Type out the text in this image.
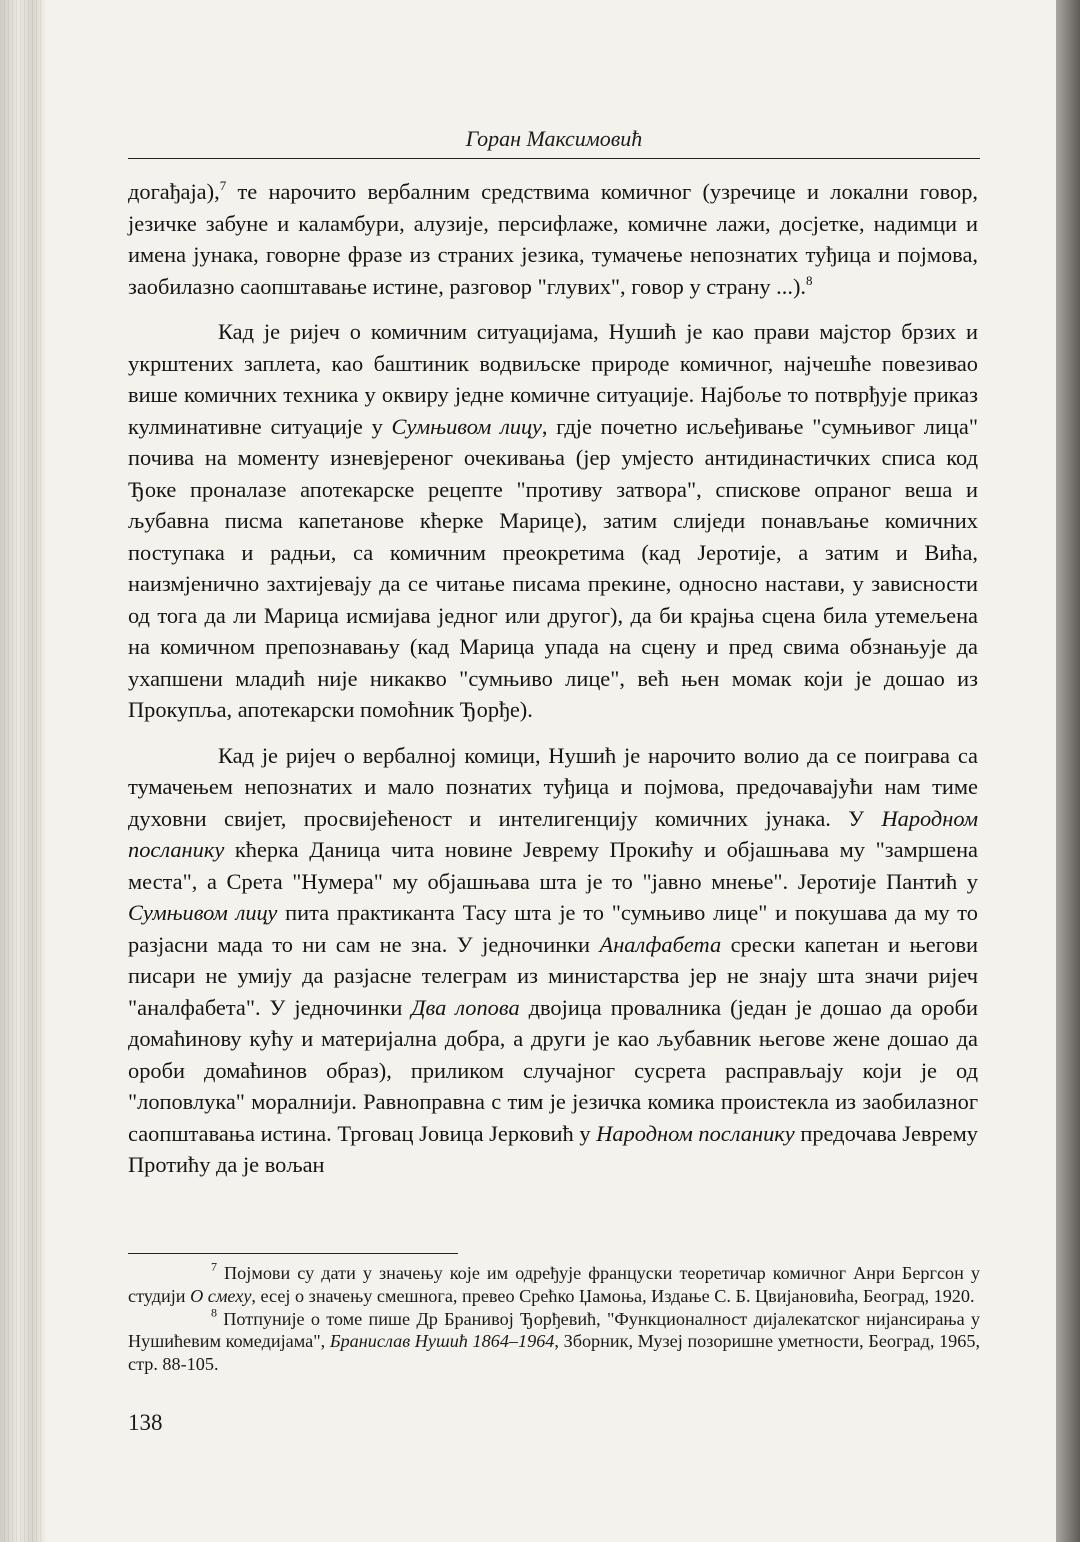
Горан Максимовић

догађаја),$^7$ те нарочито вербалним средствима комичног (узречице и локални говор, језичке забуне и каламбури, алузије, персифлаже, комичне лажи, досјетке, надимци и имена јунака, говорне фразе из страних језика, тумачење непознатих туђица и појмова, заобилазно саопштавање истине, разговор "глувих", говор у страну ...).$^8$

Кад је ријеч о комичним ситуацијама, Нушић је као прави мајстор брзих и укрштених заплета, као баштиник водвиљске природе комичног, најчешће повезивао више комичних техника у оквиру једне комичне ситуације. Најбоље то потврђује приказ кулминативне ситуације у Сумњивом лицу, гдје почетно исљеђивање "сумњивог лица" почива на моменту изневјереног очекивања (јер умјесто антидинастичких списа код Ђоке проналазе апотекарске рецепте "противу затвора", спискове опраног веша и љубавна писма капетанове кћерке Марице), затим слиједи понављање комичних поступака и радњи, са комичним преокретима (кад Јеротије, а затим и Вића, наизмјенично захтијевају да се читање писама прекине, односно настави, у зависности од тога да ли Марица исмијава једног или другог), да би крајња сцена била утемељена на комичном препознавању (кад Марица упада на сцену и пред свима обзнањује да ухапшени младић није никакво "сумњиво лице", већ њен момак који је дошао из Прокупља, апотекарски помоћник Ђорђе).

Кад је ријеч о вербалној комици, Нушић је нарочито волио да се поиграва са тумачењем непознатих и мало познатих туђица и појмова, предочавајући нам тиме духовни свијет, просвијећеност и интелигенцију комичних јунака. У Народном посланику кћерка Даница чита новине Јеврему Прокићу и објашњава му "замршена места", а Срета "Нумера" му објашњава шта је то "јавно мнење". Јеротије Пантић у Сумњивом лицу пита практиканта Тасу шта је то "сумњиво лице" и покушава да му то разјасни мада то ни сам не зна. У једночинки Аналфабета срески капетан и његови писари не умију да разјасне телеграм из министарства јер не знају шта значи ријеч "аналфабета". У једночинки Два лопова двојица провалника (један је дошао да ороби домаћинову кућу и материјална добра, а други је као љубавник његове жене дошао да ороби домаћинов образ), приликом случајног сусрета расправљају који је од "лоповлука" моралнији. Равноправна с тим је језичка комика проистекла из заобилазног саопштавања истина. Трговац Јовица Јерковић у Народном посланику предочава Јеврему Протићу да је вољан

$^7$ Појмови су дати у значењу које им одређује француски теоретичар комичног Анри Бергсон у студији О смеху, есеј о значењу смешнога, превео Срећко Џамоња, Издање С. Б. Цвијановића, Београд, 1920.

$^8$ Потпуније о томе пише Др Бранивој Ђорђевић, "Функционалност дијалекатског нијансирања у Нушићевим комедијама", Бранислав Нушић 1864–1964, Зборник, Музеј позоришне уметности, Београд, 1965, стр. 88-105.

138
